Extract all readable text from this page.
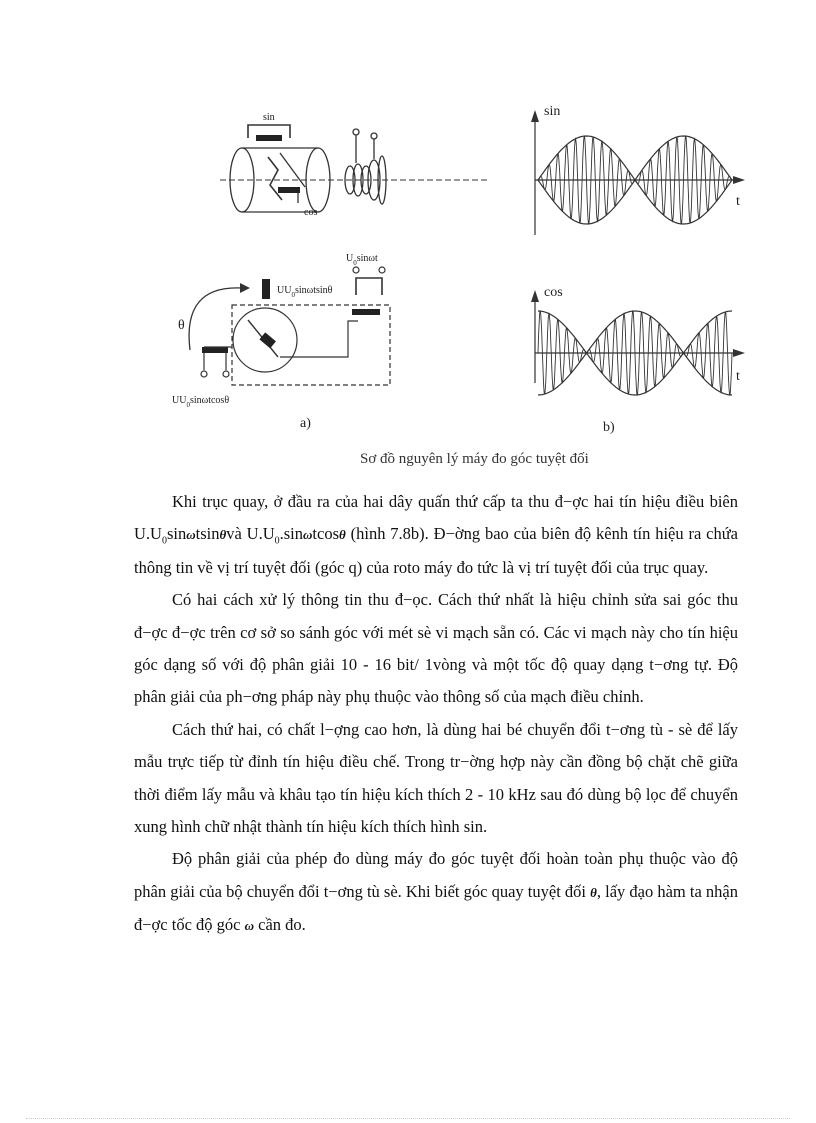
sin
cos
θ
$UU_0\sin\omega tsin\theta$
$U_0\sin\omega t$
$UU_0\sin\omega tcos\theta$
a)
sin
t
cos
t
b)
Sơ đồ nguyên lý máy đo góc tuyệt đối

Khi trục quay, ở đầu ra của hai dây quấn thứ cấp ta thu đ−ợc hai tín hiệu điều biên $U.U_0\sin\omega tsin\theta và$ $U.U_0.\sin\omega tcos\theta$ (hình 7.8b). Đ−ờng bao của biên độ kênh tín hiệu ra chứa thông tin về vị trí tuyệt đối (góc q) của roto máy đo tức là vị trí tuyệt đối của trục quay.

Có hai cách xử lý thông tin thu đ−ọc. Cách thứ nhất là hiệu chỉnh sửa sai góc thu đ−ợc đ−ợc trên cơ sở so sánh góc với mét sè vi mạch sẵn có. Các vi mạch này cho tín hiệu góc dạng số với độ phân giải 10 - 16 bit/ 1vòng và một tốc độ quay dạng t−ơng tự. Độ phân giải của ph−ơng pháp này phụ thuộc vào thông số của mạch điều chỉnh.

Cách thứ hai, có chất l−ợng cao hơn, là dùng hai bé chuyển đổi t−ơng tù - sè để lấy mẫu trực tiếp từ đỉnh tín hiệu điều chế. Trong tr−ờng hợp này cần đồng bộ chặt chẽ giữa thời điểm lấy mẫu và khâu tạo tín hiệu kích thích 2 - 10 kHz sau đó dùng bộ lọc để chuyển xung hình chữ nhật thành tín hiệu kích thích hình sin.

Độ phân giải của phép đo dùng máy đo góc tuyệt đối hoàn toàn phụ thuộc vào độ phân giải của bộ chuyển đổi t−ơng tù sè. Khi biết góc quay tuyệt đối θ, lấy đạo hàm ta nhận đ−ợc tốc độ góc ω cần đo.
